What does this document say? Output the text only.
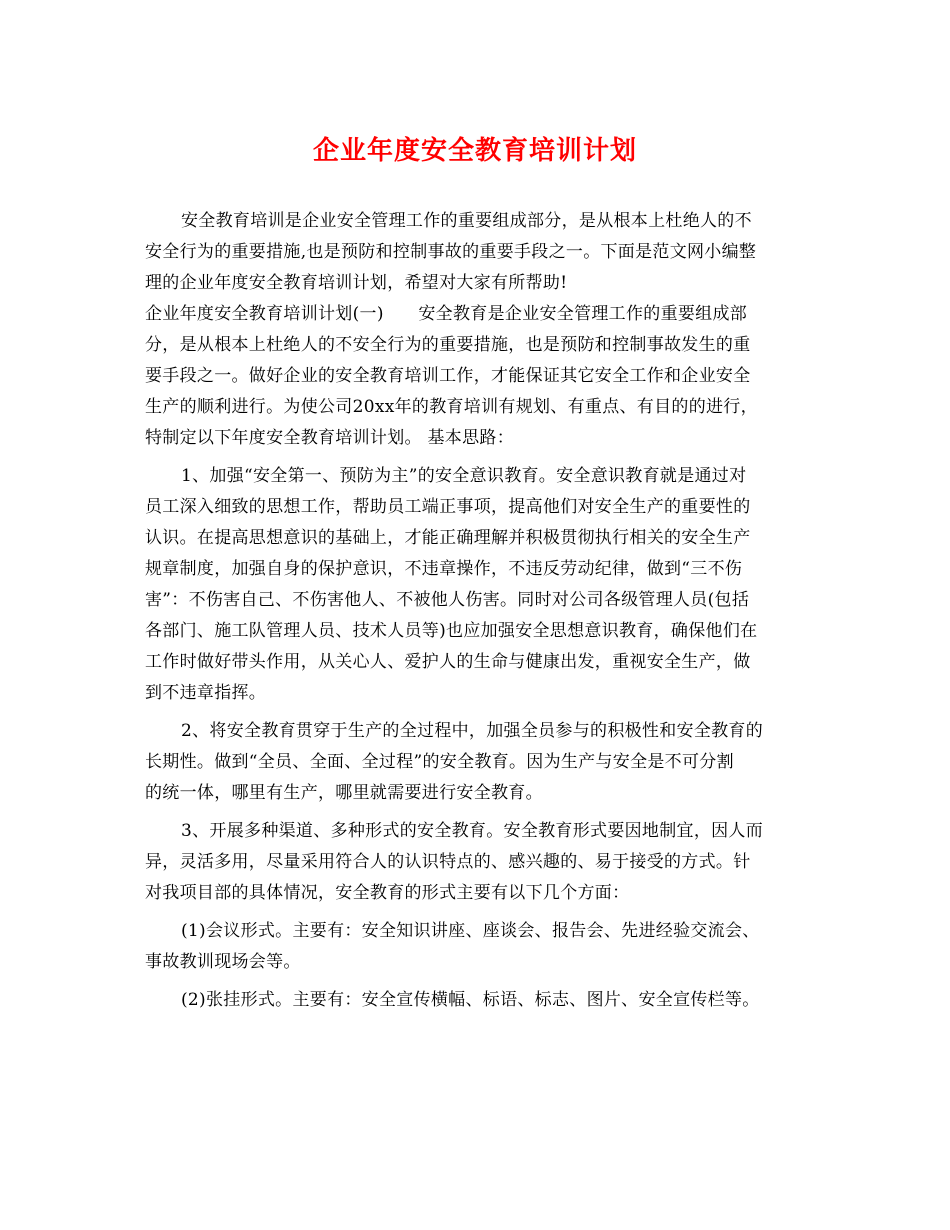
企业年度安全教育培训计划
安全教育培训是企业安全管理工作的重要组成部分，是从根本上杜绝人的不
安全行为的重要措施,也是预防和控制事故的重要手段之一。下面是范文网小编整
理的企业年度安全教育培训计划，希望对大家有所帮助!
企业年度安全教育培训计划(一)　　安全教育是企业安全管理工作的重要组成部
分，是从根本上杜绝人的不安全行为的重要措施，也是预防和控制事故发生的重
要手段之一。做好企业的安全教育培训工作，才能保证其它安全工作和企业安全
生产的顺利进行。为使公司20xx年的教育培训有规划、有重点、有目的的进行，
特制定以下年度安全教育培训计划。 基本思路：
1、加强“安全第一、预防为主”的安全意识教育。安全意识教育就是通过对
员工深入细致的思想工作，帮助员工端正事项，提高他们对安全生产的重要性的
认识。在提高思想意识的基础上，才能正确理解并积极贯彻执行相关的安全生产
规章制度，加强自身的保护意识，不违章操作，不违反劳动纪律，做到“三不伤
害”：不伤害自己、不伤害他人、不被他人伤害。同时对公司各级管理人员(包括
各部门、施工队管理人员、技术人员等)也应加强安全思想意识教育，确保他们在
工作时做好带头作用，从关心人、爱护人的生命与健康出发，重视安全生产，做
到不违章指挥。
2、将安全教育贯穿于生产的全过程中，加强全员参与的积极性和安全教育的
长期性。做到“全员、全面、全过程”的安全教育。因为生产与安全是不可分割
的统一体，哪里有生产，哪里就需要进行安全教育。
3、开展多种渠道、多种形式的安全教育。安全教育形式要因地制宜，因人而
异，灵活多用，尽量采用符合人的认识特点的、感兴趣的、易于接受的方式。针
对我项目部的具体情况，安全教育的形式主要有以下几个方面：
(1)会议形式。主要有：安全知识讲座、座谈会、报告会、先进经验交流会、
事故教训现场会等。
(2)张挂形式。主要有：安全宣传横幅、标语、标志、图片、安全宣传栏等。
